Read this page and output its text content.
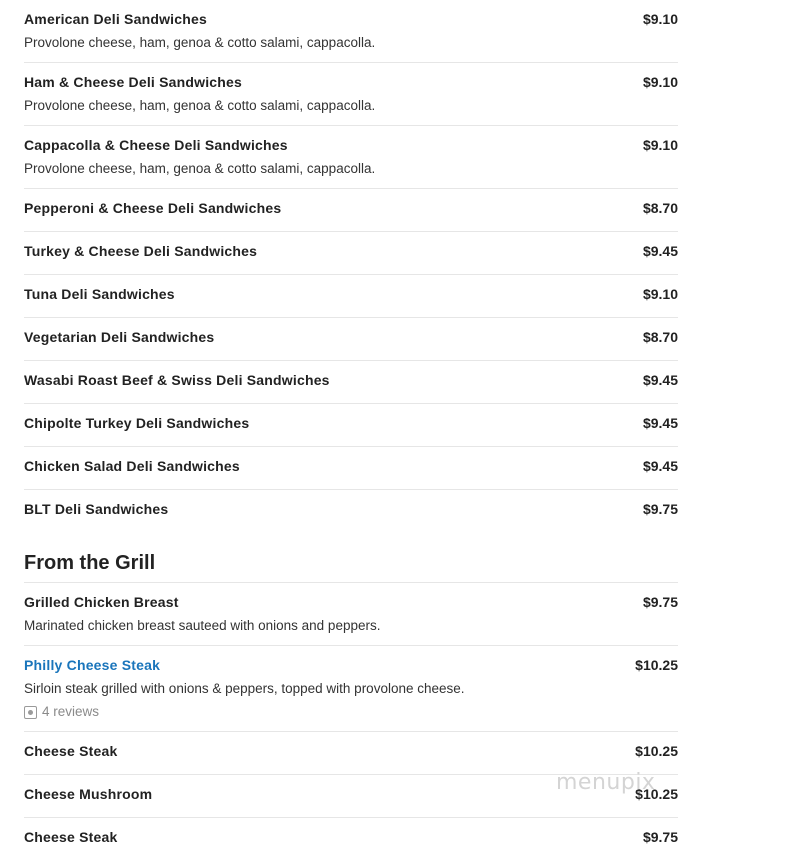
American Deli Sandwiches	$9.10
Provolone cheese, ham, genoa & cotto salami, cappacolla.
Ham & Cheese Deli Sandwiches	$9.10
Provolone cheese, ham, genoa & cotto salami, cappacolla.
Cappacolla & Cheese Deli Sandwiches	$9.10
Provolone cheese, ham, genoa & cotto salami, cappacolla.
Pepperoni & Cheese Deli Sandwiches	$8.70
Turkey & Cheese Deli Sandwiches	$9.45
Tuna Deli Sandwiches	$9.10
Vegetarian Deli Sandwiches	$8.70
Wasabi Roast Beef & Swiss Deli Sandwiches	$9.45
Chipolte Turkey Deli Sandwiches	$9.45
Chicken Salad Deli Sandwiches	$9.45
BLT Deli Sandwiches	$9.75
From the Grill
Grilled Chicken Breast	$9.75
Marinated chicken breast sauteed with onions and peppers.
Philly Cheese Steak	$10.25
Sirloin steak grilled with onions & peppers, topped with provolone cheese.
4 reviews
Cheese Steak	$10.25
Cheese Mushroom	$10.25
Cheese Steak	$9.75
menupix
